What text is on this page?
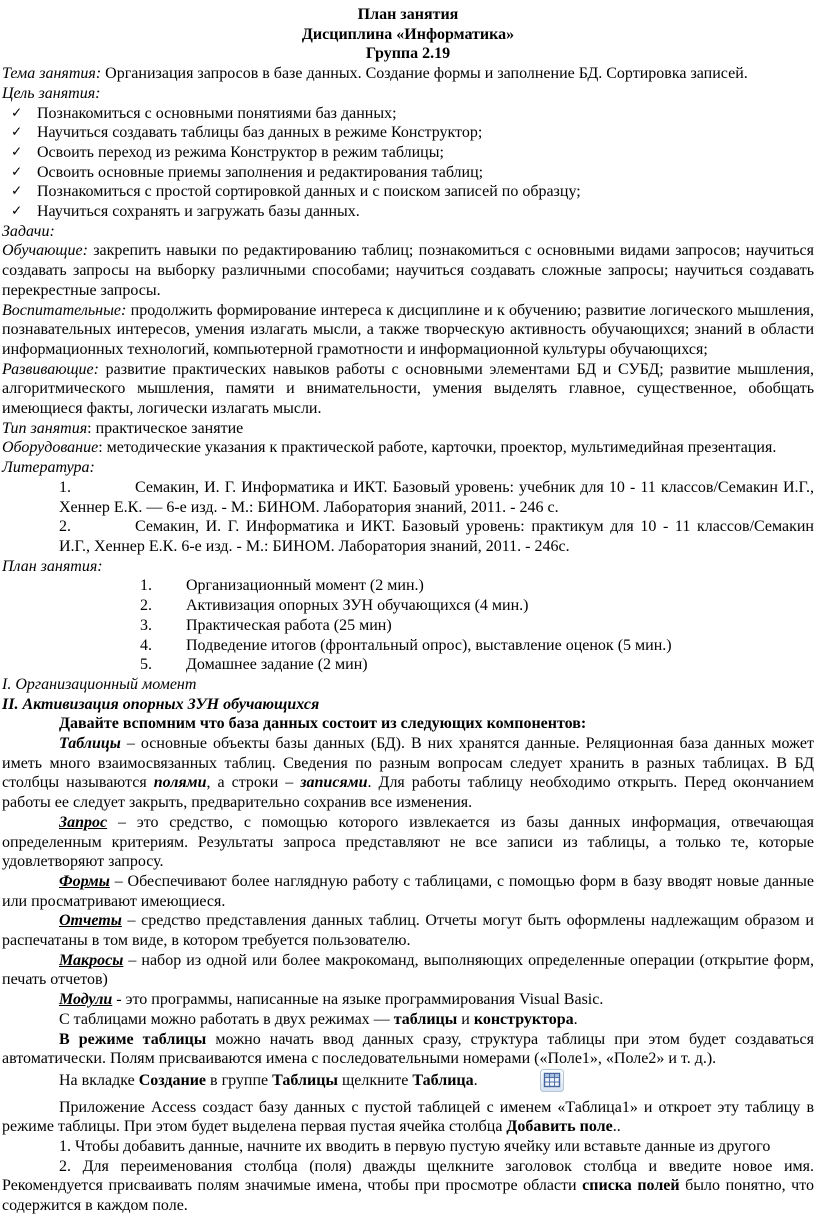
План занятия

Дисциплина «Информатика»

Группа 2.19

Тема занятия: Организация запросов в базе данных. Создание формы и заполнение БД. Сортировка записей.

Цель занятия:

✓ Познакомиться с основными понятиями баз данных;

✓ Научиться создавать таблицы баз данных в режиме Конструктор;

✓ Освоить переход из режима Конструктор в режим таблицы;

✓ Освоить основные приемы заполнения и редактирования таблиц;

✓ Познакомиться с простой сортировкой данных и с поиском записей по образцу;

✓ Научиться сохранять и загружать базы данных.

Задачи:

Обучающие: закрепить навыки по редактированию таблиц; познакомиться с основными видами запросов; научиться создавать запросы на выборку различными способами; научиться создавать сложные запросы; научиться создавать перекрестные запросы.

Воспитательные: продолжить формирование интереса к дисциплине и к обучению; развитие логического мышления, познавательных интересов, умения излагать мысли, а также творческую активность обучающихся; знаний в области информационных технологий, компьютерной грамотности и информационной культуры обучающихся;

Развивающие: развитие практических навыков работы с основными элементами БД и СУБД; развитие мышления, алгоритмического мышления, памяти и внимательности, умения выделять главное, существенное, обобщать имеющиеся факты, логически излагать мысли.

Тип занятия: практическое занятие

Оборудование: методические указания к практической работе, карточки, проектор, мультимедийная презентация.

Литература:

1.	Семакин, И. Г. Информатика и ИКТ. Базовый уровень: учебник для 10 - 11 классов/Семакин И.Г., Хеннер Е.К. — 6-е изд. - М.: БИНОМ. Лаборатория знаний, 2011. - 246 с.

2.	Семакин, И. Г. Информатика и ИКТ. Базовый уровень: практикум для 10 - 11 классов/Семакин И.Г., Хеннер Е.К. 6-е изд. - М.: БИНОМ. Лаборатория знаний, 2011. - 246с.

План занятия:

1. Организационный момент (2 мин.)

2. Активизация опорных ЗУН обучающихся (4 мин.)

3. Практическая работа (25 мин)

4. Подведение итогов (фронтальный опрос), выставление оценок (5 мин.)

5. Домашнее задание (2 мин)

I. Организационный момент

II. Активизация опорных ЗУН обучающихся

Давайте вспомним что база данных состоит из следующих компонентов:

Таблицы – основные объекты базы данных (БД). В них хранятся данные. Реляционная база данных может иметь много взаимосвязанных таблиц. Сведения по разным вопросам следует хранить в разных таблицах. В БД столбцы называются полями, а строки – записями. Для работы таблицу необходимо открыть. Перед окончанием работы ее следует закрыть, предварительно сохранив все изменения.

Запрос – это средство, с помощью которого извлекается из базы данных информация, отвечающая определенным критериям. Результаты запроса представляют не все записи из таблицы, а только те, которые удовлетворяют запросу.

Формы – Обеспечивают более наглядную работу с таблицами, с помощью форм в базу вводят новые данные или просматривают имеющиеся.

Отчеты – средство представления данных таблиц. Отчеты могут быть оформлены надлежащим образом и распечатаны в том виде, в котором требуется пользователю.

Макросы – набор из одной или более макрокоманд, выполняющих определенные операции (открытие форм, печать отчетов)

Модули - это программы, написанные на языке программирования Visual Basic.

С таблицами можно работать в двух режимах — таблицы и конструктора.

В режиме таблицы можно начать ввод данных сразу, структура таблицы при этом будет создаваться автоматически. Полям присваиваются имена с последовательными номерами («Поле1», «Поле2» и т. д.).

На вкладке Создание в группе Таблицы щелкните Таблица.

Приложение Access создаст базу данных с пустой таблицей с именем «Таблица1» и откроет эту таблицу в режиме таблицы. При этом будет выделена первая пустая ячейка столбца Добавить поле..

1. Чтобы добавить данные, начните их вводить в первую пустую ячейку или вставьте данные из другого

2. Для переименования столбца (поля) дважды щелкните заголовок столбца и введите новое имя. Рекомендуется присваивать полям значимые имена, чтобы при просмотре области списка полей было понятно, что содержится в каждом поле.
